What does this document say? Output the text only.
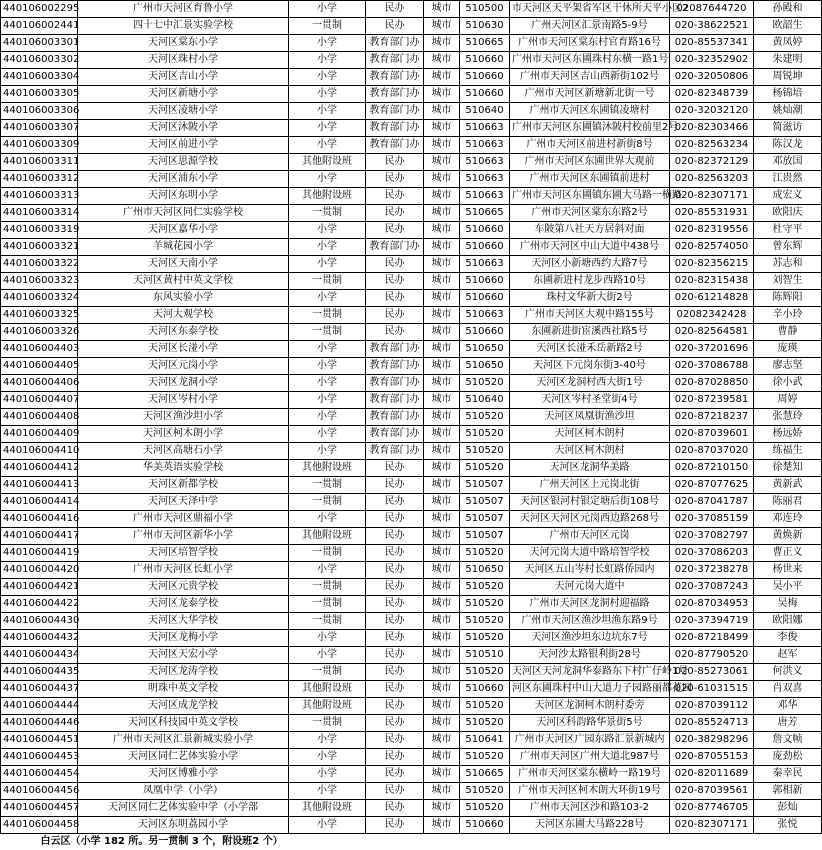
440106002295	广州市天河区育鲁小学	小学	民办	城市	510500	市天河区天平架省军区干休所天平小区2	02087644720	孙殿和
440106002441	四十七中汇景实验学校	一贯制	民办	城市	510630	广州天河区汇景南路5-9号	020-38622521	欧韶生
440106003301	天河区棠东小学	小学	教育部门办	城市	510665	广州市天河区棠东村官育路16号	020-85537341	黄凤婷
440106003302	天河区珠村小学	小学	教育部门办	城市	510660	广州市天河区东圃珠村东横一路1号	020-32352902	朱建明
440106003304	天河区吉山小学	小学	教育部门办	城市	510660	广州市天河区吉山西新街102号	020-32050806	周锐坤
440106003305	天河区新塘小学	小学	教育部门办	城市	510660	广州市天河区新塘新北街一号	020-82348739	杨锦培
440106003306	天河区凌塘小学	小学	教育部门办	城市	510640	广州市天河区东圃镇凌塘村	020-32032120	姚灿潮
440106003307	天河区沐陂小学	小学	教育部门办	城市	510663	广州市天河区东圃镇沐陂村校前里2号	020-82303466	简滋访
440106003309	天河区前进小学	小学	教育部门办	城市	510663	广州市天河区前进村新街8号	020-82563234	陈汉龙
440106003311	天河区思源学校	其他附设班	民办	城市	510663	广州市天河区东圃世界大观前	020-82372129	邓放国
440106003312	天河区浦东小学	小学	民办	城市	510663	广州市天河区东圃镇前进村	020-82563203	江贵然
440106003313	天河区东明小学	其他附设班	民办	城市	510663	广州市天河区东圃镇东圃大马路一横路	020-82307171	成宏义
440106003314	广州市天河区同仁实验学校	一贯制	民办	城市	510665	广州市天河区棠东东路2号	020-85531931	欧阳庆
440106003319	天河区嘉华小学	小学	民办	城市	510660	车陂第八社天方居斜对面	020-82319556	杜守平
440106003321	羊城花园小学	小学	教育部门办	城市	510660	广州市天河区中山大道中438号	020-82574050	曾东辉
440106003322	天河区天南小学	小学	民办	城市	510663	天河区小新塘西约大路7号	020-82356215	苏志和
440106003323	天河区黄村中英文学校	一贯制	民办	城市	510660	东圃新进村龙步西路10号	020-82315438	刘智生
440106003324	东风实验小学	小学	民办	城市	510660	珠村文华新大街2号	020-61214828	陈辉阳
440106003325	天河大观学校	一贯制	民办	城市	510663	广州市天河区大观中路155号	02082342428	辛小玲
440106003326	天河区东泰学校	一贯制	民办	城市	510660	东圃新进街宦溪西社路5号	020-82564581	曹静
440106004403	天河区长湴小学	小学	教育部门办	城市	510650	天河区长湴禾岳新路2号	020-37201696	庞瑛
440106004405	天河区元岗小学	小学	教育部门办	城市	510650	天河区下元岗东街3-40号	020-37086788	廖志坚
440106004406	天河区龙洞小学	小学	教育部门办	城市	510520	天河区龙洞村西大街1号	020-87028850	徐小武
440106004407	天河区岑村小学	小学	教育部门办	城市	510640	天河区岑村圣堂街4号	020-87239581	周婷
440106004408	天河区渔沙坦小学	小学	教育部门办	城市	510520	天河区凤凰街渔沙坦	020-87218237	张慧玲
440106004409	天河区柯木朗小学	小学	教育部门办	城市	510520	天河区柯木朗村	020-87039601	杨远娇
440106004410	天河区高塘石小学	小学	教育部门办	城市	510520	天河区柯木朗村	020-87037020	练福生
440106004412	华美英语实验学校	其他附设班	民办	城市	510520	天河区龙洞华美路	020-87210150	徐楚知
440106004413	天河区新都学校	一贯制	民办	城市	510507	广州天河区上元岗北街	020-87077625	黄新武
440106004414	天河区天泽中学	一贯制	民办	城市	510507	天河区银河村银定塘后街108号	020-87041787	陈丽君
440106004416	广州市天河区鼎福小学	小学	民办	城市	510507	天河区天河区元岗西边路268号	020-37085159	邓连玲
440106004417	广州市天河区新华小学	其他附设班	民办	城市	510507	广州市天河区元岗	020-37082797	黄焕新
440106004419	天河区培智学校	一贯制	民办	城市	510520	天河元岗大道中路培智学校	020-37086203	曹正义
440106004420	广州市天河区长虹小学	小学	民办	城市	510650	天河区五山岑村长虹路侨园内	020-37238278	杨世来
440106004421	天河区元贵学校	一贯制	民办	城市	510520	天河元岗大道中	020-37087243	吴小平
440106004422	天河区龙泰学校	一贯制	民办	城市	510520	广州市天河区龙洞村迎福路	020-87034953	吴梅
440106004430	天河区大华学校	一贯制	民办	城市	510520	广州市天河区渔沙坦渔东路9号	020-37394719	欧阳娜
440106004432	天河区龙梅小学	小学	民办	城市	510520	天河区渔沙坦东边坑东7号	020-87218499	李俊
440106004434	天河区天宏小学	小学	民办	城市	510510	天河沙太路银利街28号	020-87790520	赵军
440106004435	天河区龙涛学校	一贯制	民办	城市	510520	天河区天河龙洞华泰路东下村广仔岭1号	020-85273061	何洪义
440106004437	明珠中英文学校	其他附设班	民办	城市	510660	河区东圃珠村中山大道力子园路丽都花园	020-61031515	肖双喜
440106004444	天河区成龙学校	其他附设班	民办	城市	510520	天河区龙洞柯木朗村委旁	020-87039112	邓华
440106004446	天河区科技园中英文学校	一贯制	民办	城市	510520	天河区科韵路华景街5号	020-85524713	唐芳
440106004451	广州市天河区汇景新城实验小学	小学	民办	城市	510641	广州市天河区广园东路汇景新城内	020-38298296	詹文帧
440106004453	天河区同仁艺体实验小学	小学	民办	城市	510520	广州市天河区广州大道北987号	020-87055153	庞劲松
440106004454	天河区博雅小学	小学	民办	城市	510665	广州市天河区棠东横岭一路19号	020-82011689	秦幸民
440106004456	凤凰中学（小学）	小学	民办	城市	510520	广州市天河区柯木朗大环街19号	020-87039561	郭相新
440106004457	天河区同仁艺体实验中学（小学部	其他附设班	民办	城市	510520	广州市天河区沙和路103-2	020-87746705	彭灿
440106004458	天河区东明荔园小学	小学	民办	城市	510660	天河区东圃大马路228号	020-82307171	张悦
白云区（小学 182 所。另一贯制 3 个，附设班2 个）								
